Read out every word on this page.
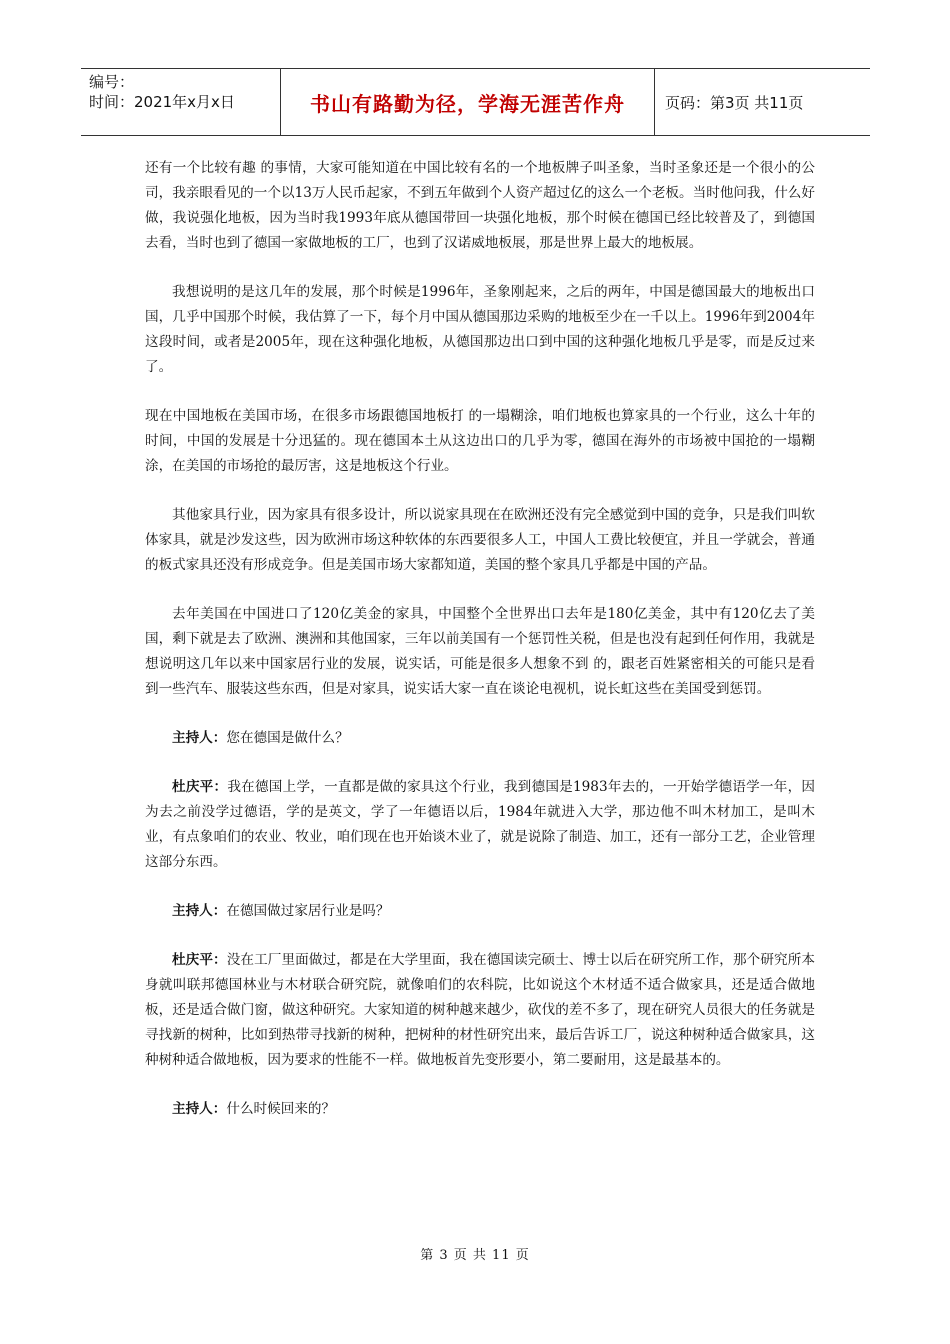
编号：
时间：2021年x月x日	书山有路勤为径，学海无涯苦作舟	页码：第3页 共11页

还有一个比较有趣 的事情，大家可能知道在中国比较有名的一个地板牌子叫圣象，当时圣象还是一个很小的公司，我亲眼看见的一个以13万人民币起家，不到五年做到个人资产超过亿的这么一个老板。当时他问我，什么好做，我说强化地板，因为当时我1993年底从德国带回一块强化地板，那个时候在德国已经比较普及了，到德国去看，当时也到了德国一家做地板的工厂，也到了汉诺威地板展，那是世界上最大的地板展。

我想说明的是这几年的发展，那个时候是1996年，圣象刚起来，之后的两年，中国是德国最大的地板出口国，几乎中国那个时候，我估算了一下，每个月中国从德国那边采购的地板至少在一千以上。1996年到2004年这段时间，或者是2005年，现在这种强化地板，从德国那边出口到中国的这种强化地板几乎是零，而是反过来了。

现在中国地板在美国市场，在很多市场跟德国地板打 的一塌糊涂，咱们地板也算家具的一个行业，这么十年的时间，中国的发展是十分迅猛的。现在德国本土从这边出口的几乎为零，德国在海外的市场被中国抢的一塌糊涂，在美国的市场抢的最厉害，这是地板这个行业。

其他家具行业，因为家具有很多设计，所以说家具现在在欧洲还没有完全感觉到中国的竞争，只是我们叫软体家具，就是沙发这些，因为欧洲市场这种软体的东西要很多人工，中国人工费比较便宜，并且一学就会，普通的板式家具还没有形成竞争。但是美国市场大家都知道，美国的整个家具几乎都是中国的产品。

去年美国在中国进口了120亿美金的家具，中国整个全世界出口去年是180亿美金，其中有120亿去了美国，剩下就是去了欧洲、澳洲和其他国家，三年以前美国有一个惩罚性关税，但是也没有起到任何作用，我就是想说明这几年以来中国家居行业的发展，说实话，可能是很多人想象不到 的，跟老百姓紧密相关的可能只是看到一些汽车、服装这些东西，但是对家具，说实话大家一直在谈论电视机，说长虹这些在美国受到惩罚。

主持人：您在德国是做什么？

杜庆平：我在德国上学，一直都是做的家具这个行业，我到德国是1983年去的，一开始学德语学一年，因为去之前没学过德语，学的是英文，学了一年德语以后，1984年就进入大学，那边他不叫木材加工，是叫木业，有点象咱们的农业、牧业，咱们现在也开始谈木业了，就是说除了制造、加工，还有一部分工艺，企业管理这部分东西。

主持人：在德国做过家居行业是吗？

杜庆平：没在工厂里面做过，都是在大学里面，我在德国读完硕士、博士以后在研究所工作，那个研究所本身就叫联邦德国林业与木材联合研究院，就像咱们的农科院，比如说这个木材适不适合做家具，还是适合做地板，还是适合做门窗，做这种研究。大家知道的树种越来越少，砍伐的差不多了，现在研究人员很大的任务就是寻找新的树种，比如到热带寻找新的树种，把树种的材性研究出来，最后告诉工厂，说这种树种适合做家具，这种树种适合做地板，因为要求的性能不一样。做地板首先变形要小，第二要耐用，这是最基本的。

主持人：什么时候回来的？

第 3 页 共 11 页
